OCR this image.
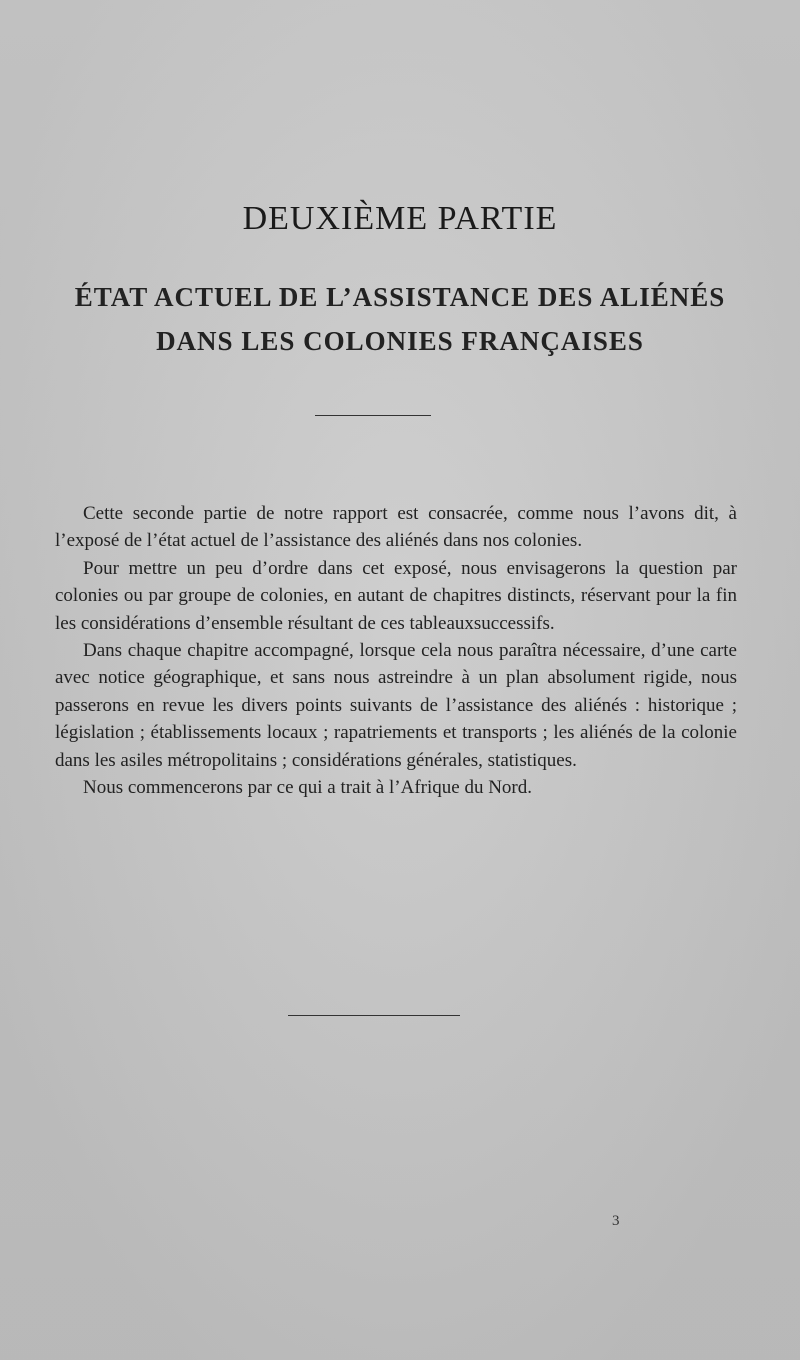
DEUXIÈME PARTIE
ÉTAT ACTUEL DE L’ASSISTANCE DES ALIÉNÉS
DANS LES COLONIES FRANÇAISES

Cette seconde partie de notre rapport est consacrée, comme nous l’avons dit, à l’exposé de l’état actuel de l’assistance des aliénés dans nos colonies.

Pour mettre un peu d’ordre dans cet exposé, nous envisagerons la question par colonies ou par groupe de colonies, en autant de chapitres distincts, réservant pour la fin les considérations d’ensemble résultant de ces tableauxsuccessifs.

Dans chaque chapitre accompagné, lorsque cela nous paraîtra nécessaire, d’une carte avec notice géographique, et sans nous astreindre à un plan absolument rigide, nous passerons en revue les divers points suivants de l’assistance des aliénés : historique ; législation ; établissements locaux ; rapatriements et transports ; les aliénés de la colonie dans les asiles métropolitains ; considérations générales, statistiques.

Nous commencerons par ce qui a trait à l’Afrique du Nord.

3
